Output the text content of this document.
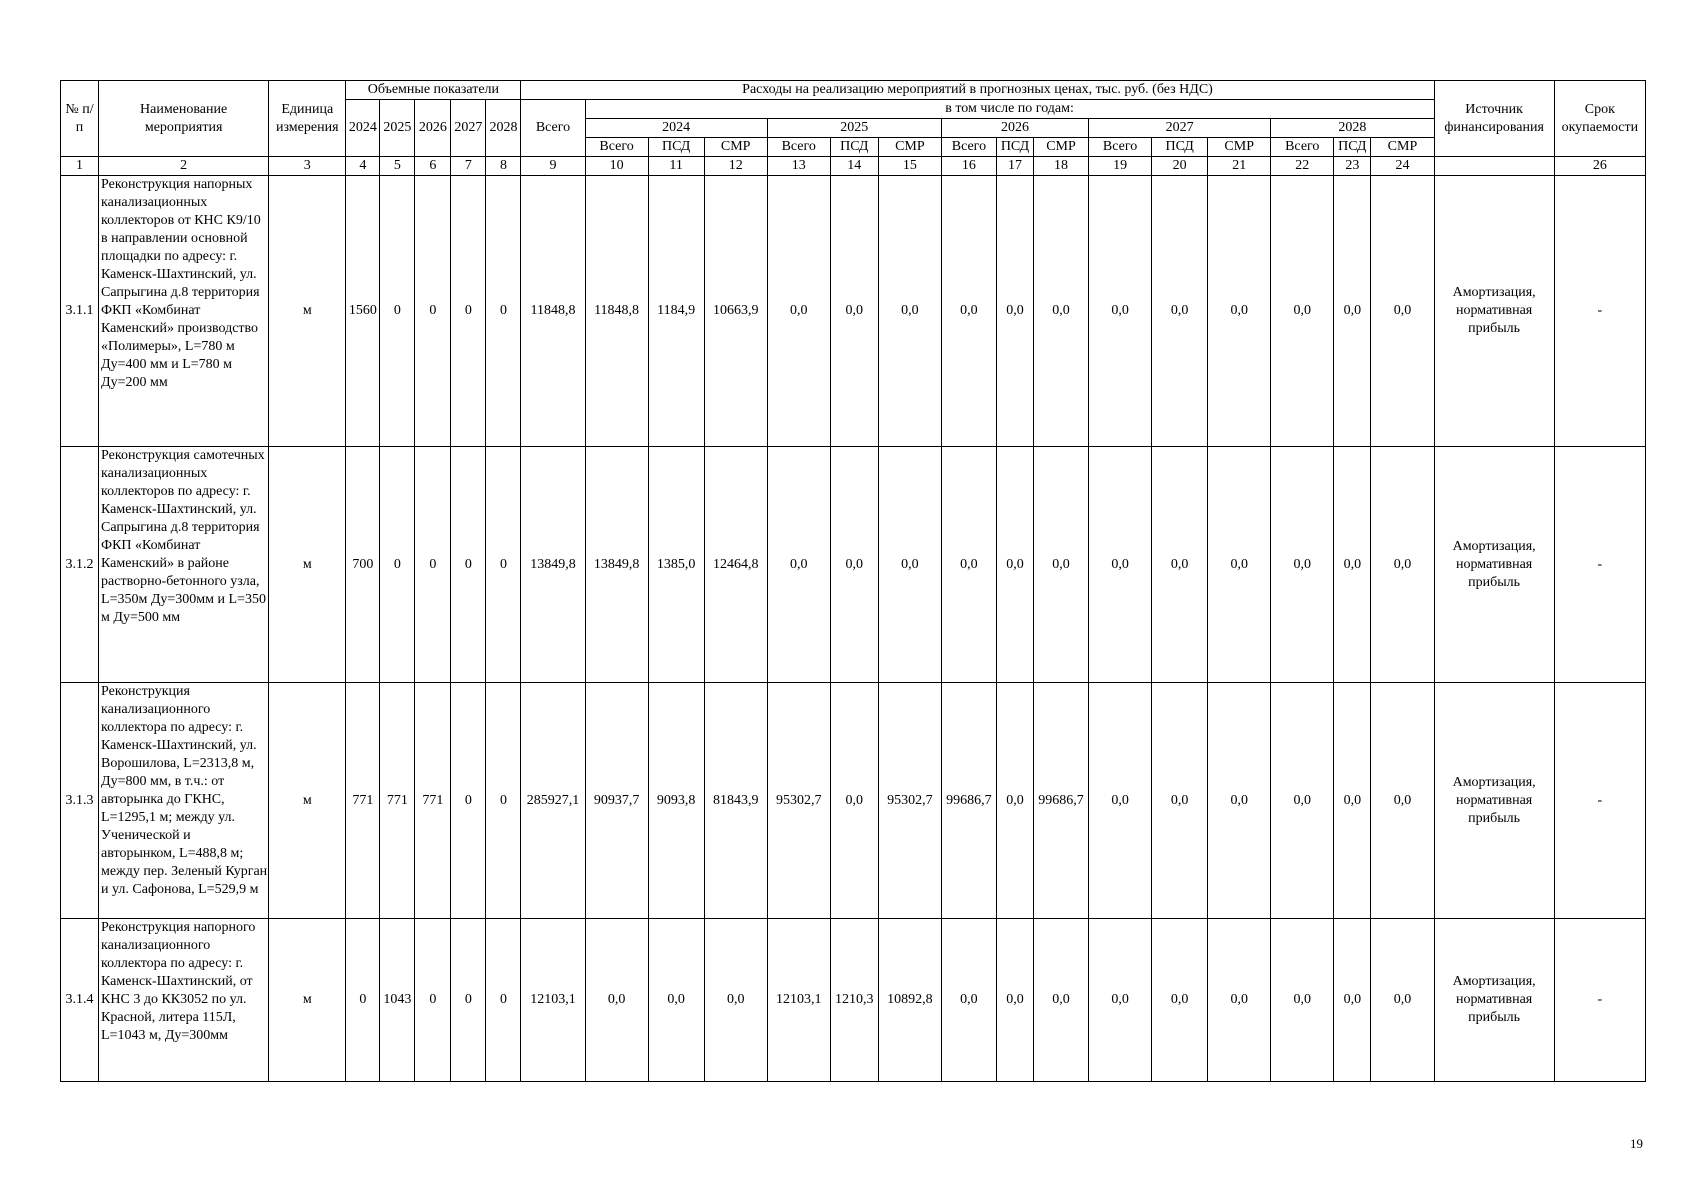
№ п/п	Наименование мероприятия	Единица измерения	Объемные показатели					Расходы на реализацию мероприятий в прогнозных ценах, тыс. руб. (без НДС)																Источник финансирования	Срок окупаемости
			2024	2025	2026	2027	2028	Всего	в том числе по годам:																
									2024			2025			2026			2027			2028				
									Всего	ПСД	СМР	Всего	ПСД	СМР	Всего	ПСД	СМР	Всего	ПСД	СМР	Всего	ПСД	СМР		
1	2	3	4	5	6	7	8	9	10	11	12	13	14	15	16	17	18	19	20	21	22	23	24		26
3.1.1	Реконструкция напорных канализационных коллекторов от КНС К9/10 в направлении основной площадки по адресу: г. Каменск-Шахтинский, ул. Сапрыгина д.8 территория ФКП «Комбинат Каменский» производство «Полимеры», L=780 м Ду=400 мм и L=780 м Ду=200 мм	м	1560	0	0	0	0	11848,8	11848,8	1184,9	10663,9	0,0	0,0	0,0	0,0	0,0	0,0	0,0	0,0	0,0	0,0	0,0	0,0	Амортизация, нормативная прибыль	-
3.1.2	Реконструкция самотечных канализационных коллекторов по адресу: г. Каменск-Шахтинский, ул. Сапрыгина д.8 территория ФКП «Комбинат Каменский» в районе растворно-бетонного узла, L=350м Ду=300мм и L=350 м Ду=500 мм	м	700	0	0	0	0	13849,8	13849,8	1385,0	12464,8	0,0	0,0	0,0	0,0	0,0	0,0	0,0	0,0	0,0	0,0	0,0	0,0	Амортизация, нормативная прибыль	-
3.1.3	Реконструкция канализационного коллектора по адресу: г. Каменск-Шахтинский, ул. Ворошилова, L=2313,8 м, Ду=800 мм, в т.ч.: от авторынка до ГКНС, L=1295,1 м; между ул. Ученической и авторынком, L=488,8 м; между пер. Зеленый Курган и ул. Сафонова, L=529,9 м	м	771	771	771	0	0	285927,1	90937,7	9093,8	81843,9	95302,7	0,0	95302,7	99686,7	0,0	99686,7	0,0	0,0	0,0	0,0	0,0	0,0	Амортизация, нормативная прибыль	-
3.1.4	Реконструкция напорного канализационного коллектора по адресу: г. Каменск-Шахтинский, от КНС 3 до КК3052 по ул. Красной, литера 115Л, L=1043 м, Ду=300мм	м	0	1043	0	0	0	12103,1	0,0	0,0	0,0	12103,1	1210,3	10892,8	0,0	0,0	0,0	0,0	0,0	0,0	0,0	0,0	0,0	Амортизация, нормативная прибыль	-
19
